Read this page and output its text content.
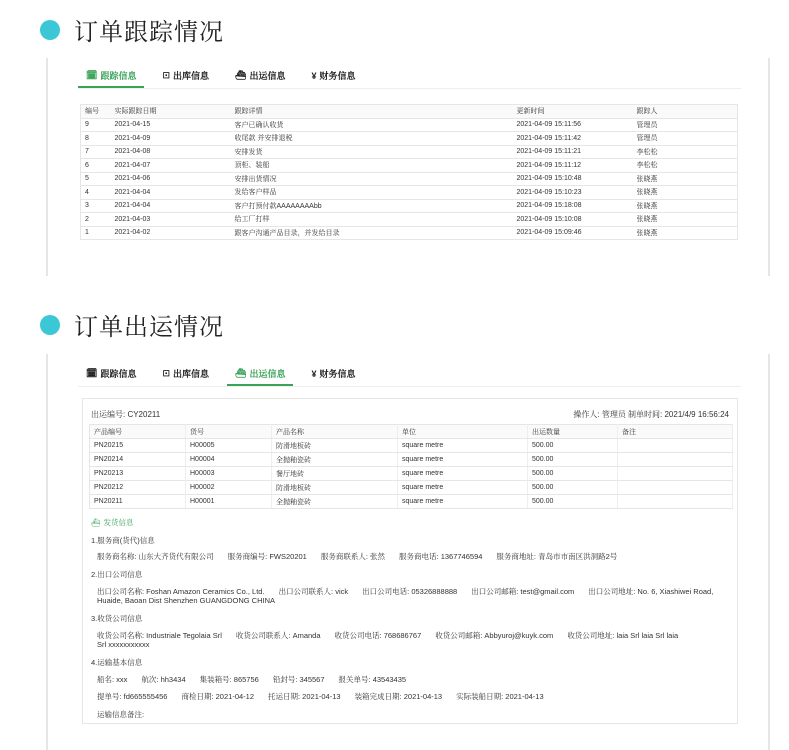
订单跟踪情况
🗓 跟踪信息	⊡ 出库信息	⛴ 出运信息	¥ 财务信息
编号	实际跟踪日期	跟踪详情	更新时间	跟踪人
9	2021-04-15	客户已确认收货	2021-04-09 15:11:56	管理员
8	2021-04-09	收尾款 并安排退税	2021-04-09 15:11:42	管理员
7	2021-04-08	安排发货	2021-04-09 15:11:21	李松松
6	2021-04-07	顶柜、装船	2021-04-09 15:11:12	李松松
5	2021-04-06	安排出货情况	2021-04-09 15:10:48	张晓燕
4	2021-04-04	发给客户样品	2021-04-09 15:10:23	张晓燕
3	2021-04-04	客户打预付款AAAAAAAAbb	2021-04-09 15:18:08	张晓燕
2	2021-04-03	给工厂打样	2021-04-09 15:10:08	张晓燕
1	2021-04-02	跟客户沟通产品目录，并发给目录	2021-04-09 15:09:46	张晓燕
订单出运情况
🗓 跟踪信息	⊡ 出库信息	⛴ 出运信息	¥ 财务信息
出运编号: CY20211	操作人: 管理员 制单时间: 2021/4/9 16:56:24
产品编号	货号	产品名称	单位	出运数量	备注
PN20215	H00005	防滑地板砖	square metre	500.00	
PN20214	H00004	全抛釉瓷砖	square metre	500.00	
PN20213	H00003	餐厅地砖	square metre	500.00	
PN20212	H00002	防滑地板砖	square metre	500.00	
PN20211	H00001	全抛釉瓷砖	square metre	500.00	
⛴ 发货信息
1.服务商(货代)信息
服务商名称: 山东大齐货代有限公司 服务商编号: FWS20201 服务商联系人: 张然 服务商电话: 1367746594 服务商地址: 青岛市市南区洪洞路2号
2.出口公司信息
出口公司名称: Foshan Amazon Ceramics Co., Ltd. 出口公司联系人: vick 出口公司电话: 05326888888 出口公司邮箱: test@gmail.com 出口公司地址: No. 6, Xiashiwei Road,
Huaide, Baoan Dist Shenzhen GUANGDONG CHINA
3.收货公司信息
收货公司名称: Industriale Tegolaia Srl 收货公司联系人: Amanda 收货公司电话: 768686767 收货公司邮箱: Abbyuroj@kuyk.com 收货公司地址: laia Srl laia Srl laia
Srl xxxxxxxxxxx
4.运输基本信息
船名: xxx 航次: hh3434 集装箱号: 865756 铅封号: 345567 报关单号: 43543435
提单号: fd665555456 商检日期: 2021-04-12 托运日期: 2021-04-13 装箱完成日期: 2021-04-13 实际装船日期: 2021-04-13
运输信息备注:
